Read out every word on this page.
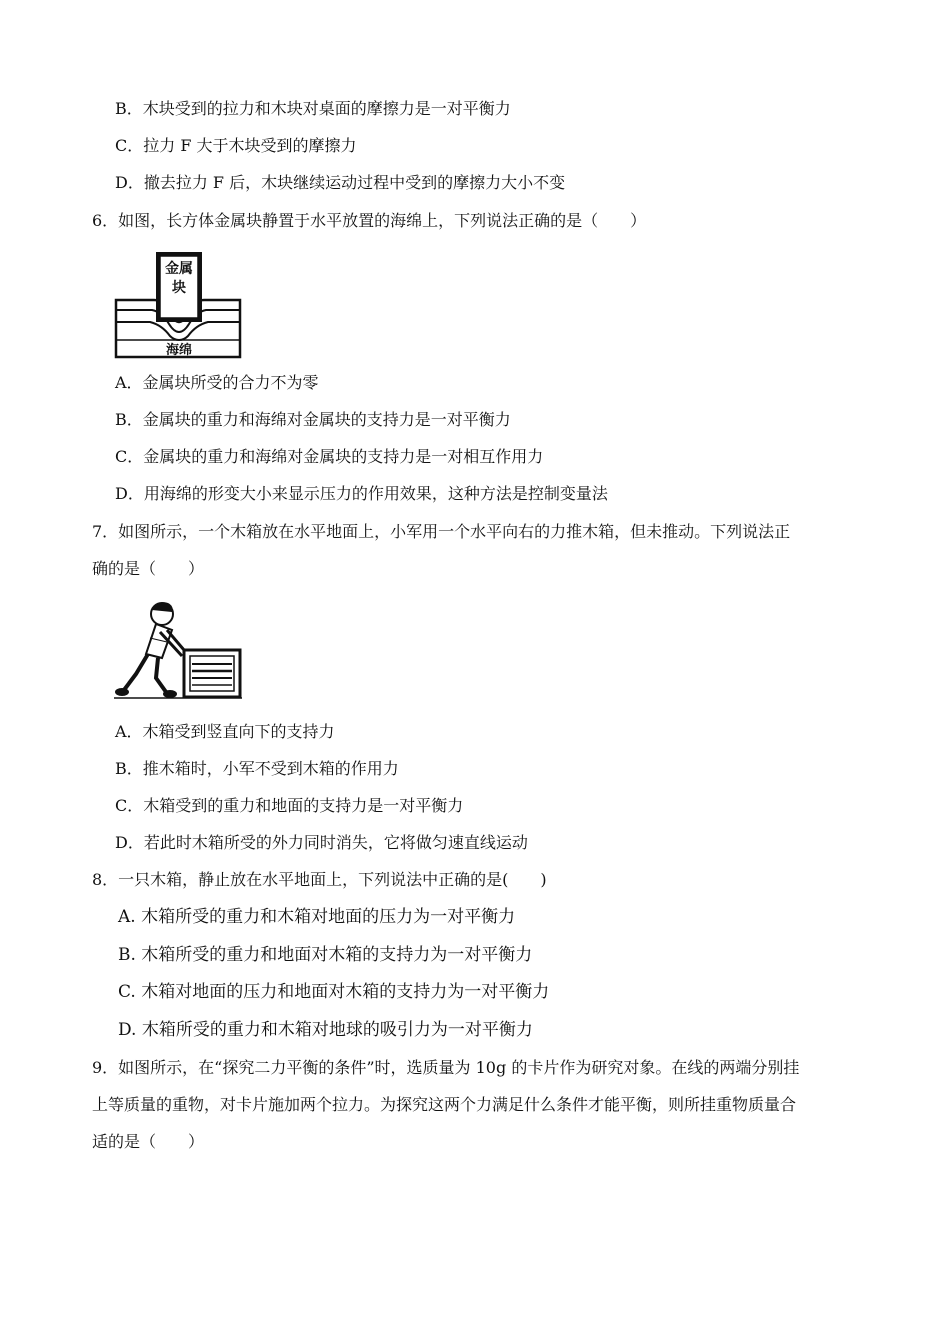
B．木块受到的拉力和木块对桌面的摩擦力是一对平衡力
C．拉力 F 大于木块受到的摩擦力
D．撤去拉力 F 后，木块继续运动过程中受到的摩擦力大小不变
6．如图，长方体金属块静置于水平放置的海绵上，下列说法正确的是（　　）
金属块
海绵
A．金属块所受的合力不为零
B．金属块的重力和海绵对金属块的支持力是一对平衡力
C．金属块的重力和海绵对金属块的支持力是一对相互作用力
D．用海绵的形变大小来显示压力的作用效果，这种方法是控制变量法
7．如图所示，一个木箱放在水平地面上，小军用一个水平向右的力推木箱，但未推动。下列说法正
确的是（　　）
A．木箱受到竖直向下的支持力
B．推木箱时，小军不受到木箱的作用力
C．木箱受到的重力和地面的支持力是一对平衡力
D．若此时木箱所受的外力同时消失，它将做匀速直线运动
8．一只木箱，静止放在水平地面上，下列说法中正确的是(　　)
A. 木箱所受的重力和木箱对地面的压力为一对平衡力
B. 木箱所受的重力和地面对木箱的支持力为一对平衡力
C. 木箱对地面的压力和地面对木箱的支持力为一对平衡力
D. 木箱所受的重力和木箱对地球的吸引力为一对平衡力
9．如图所示，在“探究二力平衡的条件”时，选质量为 10g 的卡片作为研究对象。在线的两端分别挂
上等质量的重物，对卡片施加两个拉力。为探究这两个力满足什么条件才能平衡，则所挂重物质量合
适的是（　　）
